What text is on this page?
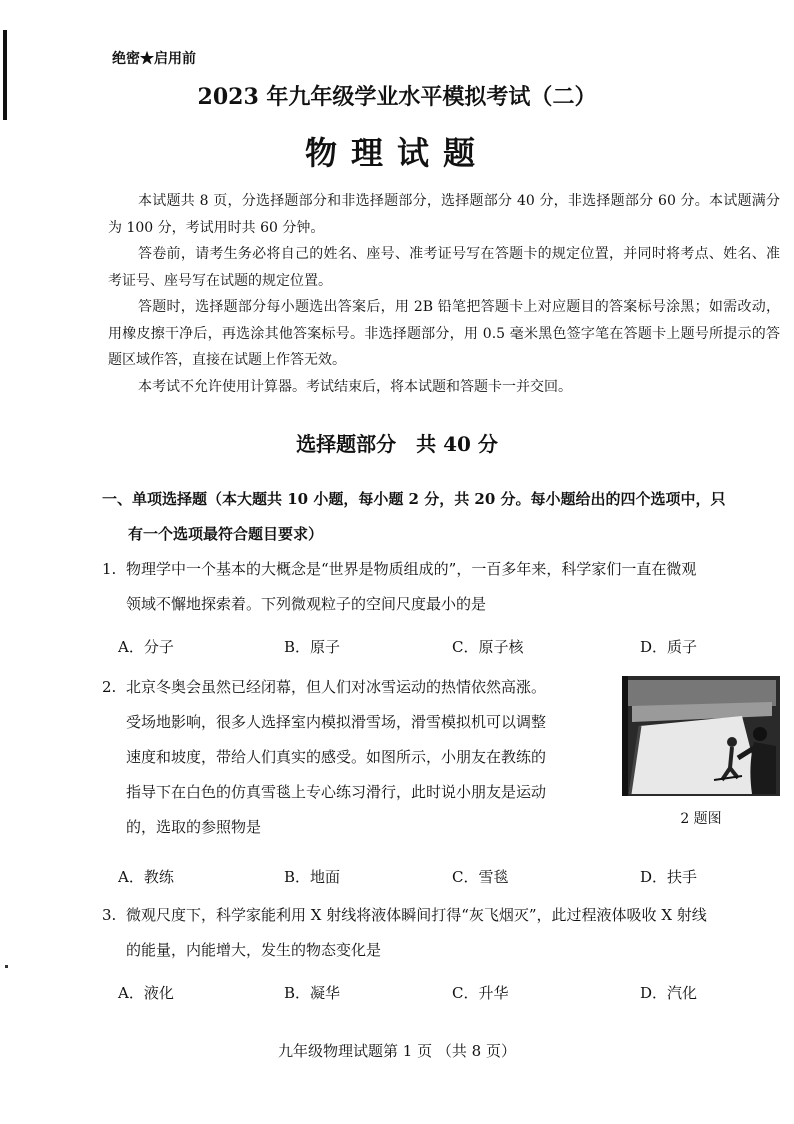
绝密★启用前
2023 年九年级学业水平模拟考试（二）
物理试题

本试题共 8 页，分选择题部分和非选择题部分，选择题部分 40 分，非选择题部分 60 分。本试题满分为 100 分，考试用时共 60 分钟。

答卷前，请考生务必将自己的姓名、座号、准考证号写在答题卡的规定位置，并同时将考点、姓名、准考证号、座号写在试题的规定位置。

答题时，选择题部分每小题选出答案后，用 2B 铅笔把答题卡上对应题目的答案标号涂黑；如需改动，用橡皮擦干净后，再选涂其他答案标号。非选择题部分，用 0.5 毫米黑色签字笔在答题卡上题号所提示的答题区域作答，直接在试题上作答无效。

本考试不允许使用计算器。考试结束后，将本试题和答题卡一并交回。

选择题部分 共 40 分
一、单项选择题（本大题共 10 小题，每小题 2 分，共 20 分。每小题给出的四个选项中，只
有一个选项最符合题目要求）
1. 物理学中一个基本的大概念是“世界是物质组成的”，一百多年来，科学家们一直在微观
领域不懈地探索着。下列微观粒子的空间尺度最小的是
A．分子	B．原子	C．原子核	D．质子
2. 北京冬奥会虽然已经闭幕，但人们对冰雪运动的热情依然高涨。
受场地影响，很多人选择室内模拟滑雪场，滑雪模拟机可以调整
速度和坡度，带给人们真实的感受。如图所示，小朋友在教练的
指导下在白色的仿真雪毯上专心练习滑行，此时说小朋友是运动
的，选取的参照物是	2 题图
A．教练	B．地面	C．雪毯	D．扶手
3. 微观尺度下，科学家能利用 X 射线将液体瞬间打得“灰飞烟灭”，此过程液体吸收 X 射线
的能量，内能增大，发生的物态变化是
A．液化	B．凝华	C．升华	D．汽化
九年级物理试题第 1 页 （共 8 页）
